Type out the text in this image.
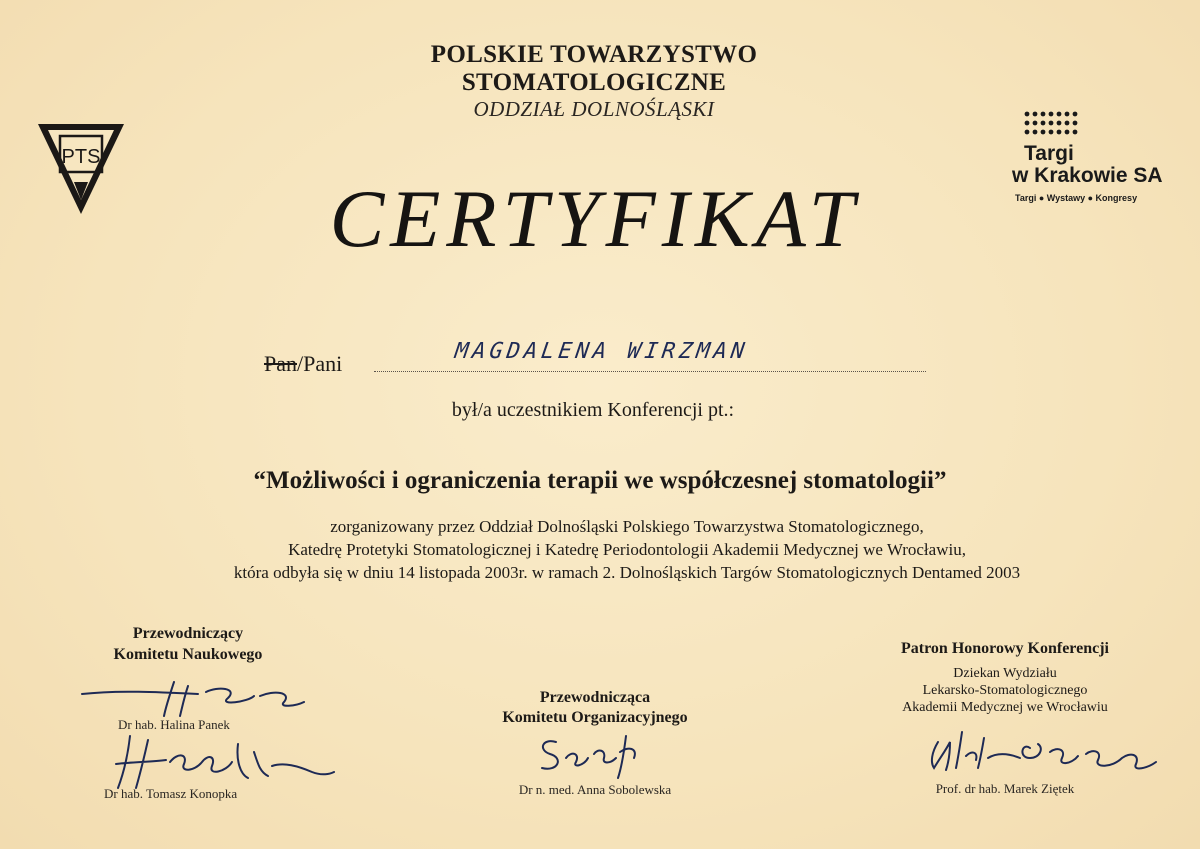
POLSKIE TOWARZYSTWO
STOMATOLOGICZNE
ODDZIAŁ DOLNOŚLĄSKI
PTS	Targi
w Krakowie SA
Targi ● Wystawy ● Kongresy
CERTYFIKAT
Pan/Pani	MAGDALENA WIRZMAN
był/a uczestnikiem Konferencji pt.:
“Możliwości i ograniczenia terapii we współczesnej stomatologii”
zorganizowany przez Oddział Dolnośląski Polskiego Towarzystwa Stomatologicznego,
Katedrę Protetyki Stomatologicznej i Katedrę Periodontologii Akademii Medycznej we Wrocławiu,
która odbyła się w dniu 14 listopada 2003r. w ramach 2. Dolnośląskich Targów Stomatologicznych Dentamed 2003
Przewodniczący
Komitetu Naukowego
Dr hab. Halina Panek
Dr hab. Tomasz Konopka
Przewodnicząca
Komitetu Organizacyjnego
Dr n. med. Anna Sobolewska
Patron Honorowy Konferencji
Dziekan Wydziału
Lekarsko-Stomatologicznego
Akademii Medycznej we Wrocławiu
Prof. dr hab. Marek Ziętek
